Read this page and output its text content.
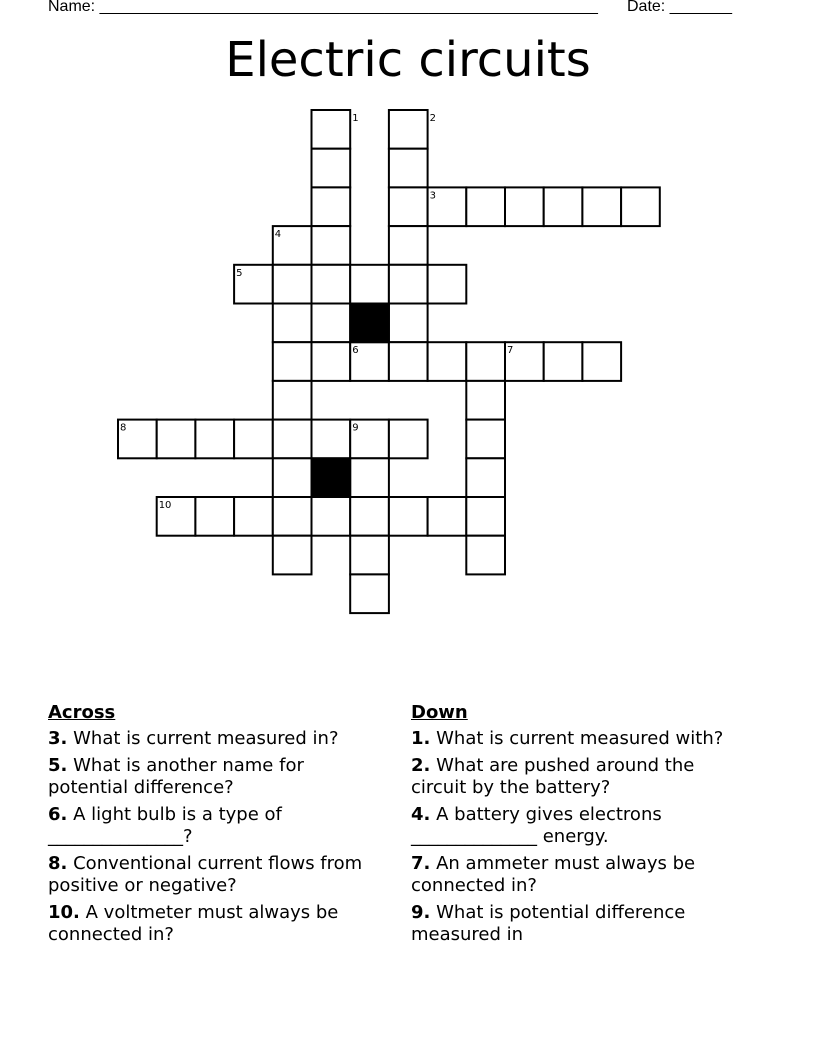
Name: ________________________________________________________ Date: _______
Electric circuits
1	2
3
4
5
6	7
8	9
10
Across
3. What is current measured in?
5. What is another name for potential difference?
6. A light bulb is a type of _______________?
8. Conventional current flows from positive or negative?
10. A voltmeter must always be connected in?
Down
1. What is current measured with?
2. What are pushed around the circuit by the battery?
4. A battery gives electrons ______________ energy.
7. An ammeter must always be connected in?
9. What is potential difference measured in
